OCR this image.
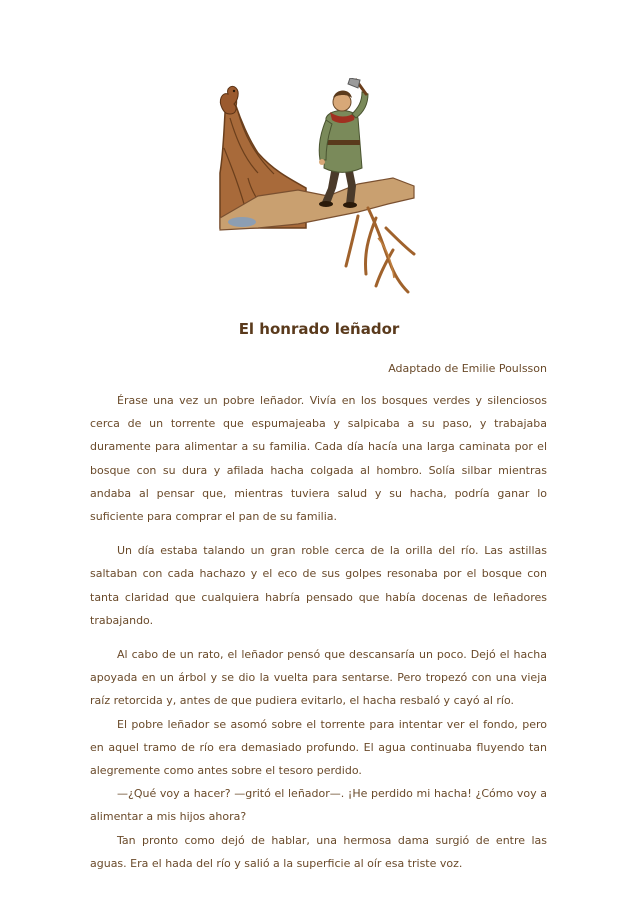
El honrado leñador
Adaptado de Emilie Poulsson

Érase una vez un pobre leñador. Vivía en los bosques verdes y silenciosos cerca de un torrente que espumajeaba y salpicaba a su paso, y trabajaba duramente para alimentar a su familia. Cada día hacía una larga caminata por el bosque con su dura y afilada hacha colgada al hombro. Solía silbar mientras andaba al pensar que, mientras tuviera salud y su hacha, podría ganar lo suficiente para comprar el pan de su familia.

Un día estaba talando un gran roble cerca de la orilla del río. Las astillas saltaban con cada hachazo y el eco de sus golpes resonaba por el bosque con tanta claridad que cualquiera habría pensado que había docenas de leñadores trabajando.

Al cabo de un rato, el leñador pensó que descansaría un poco. Dejó el hacha apoyada en un árbol y se dio la vuelta para sentarse. Pero tropezó con una vieja raíz retorcida y, antes de que pudiera evitarlo, el hacha resbaló y cayó al río.

El pobre leñador se asomó sobre el torrente para intentar ver el fondo, pero en aquel tramo de río era demasiado profundo. El agua continuaba fluyendo tan alegremente como antes sobre el tesoro perdido.

—¿Qué voy a hacer? —gritó el leñador—. ¡He perdido mi hacha! ¿Cómo voy a alimentar a mis hijos ahora?

Tan pronto como dejó de hablar, una hermosa dama surgió de entre las aguas. Era el hada del río y salió a la superficie al oír esa triste voz.
